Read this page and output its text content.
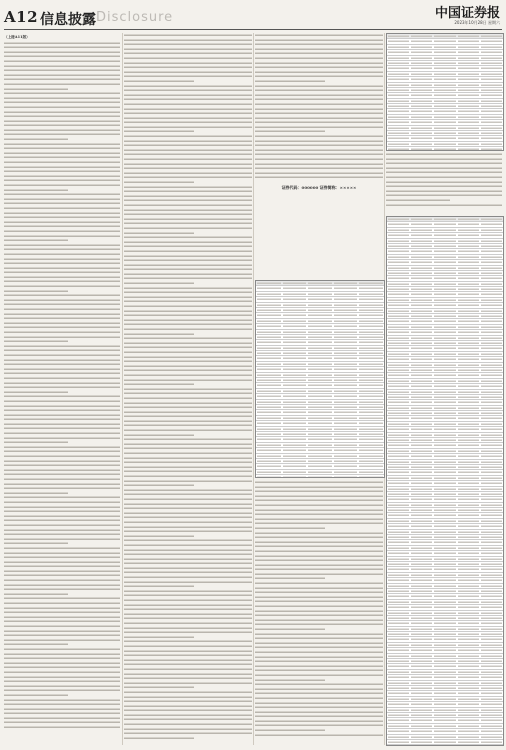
A12 信息披露 Disclosure	中国证券报
2023年10月28日 星期六

（上接A11版）

证券代码：000000 证券简称：×××××
